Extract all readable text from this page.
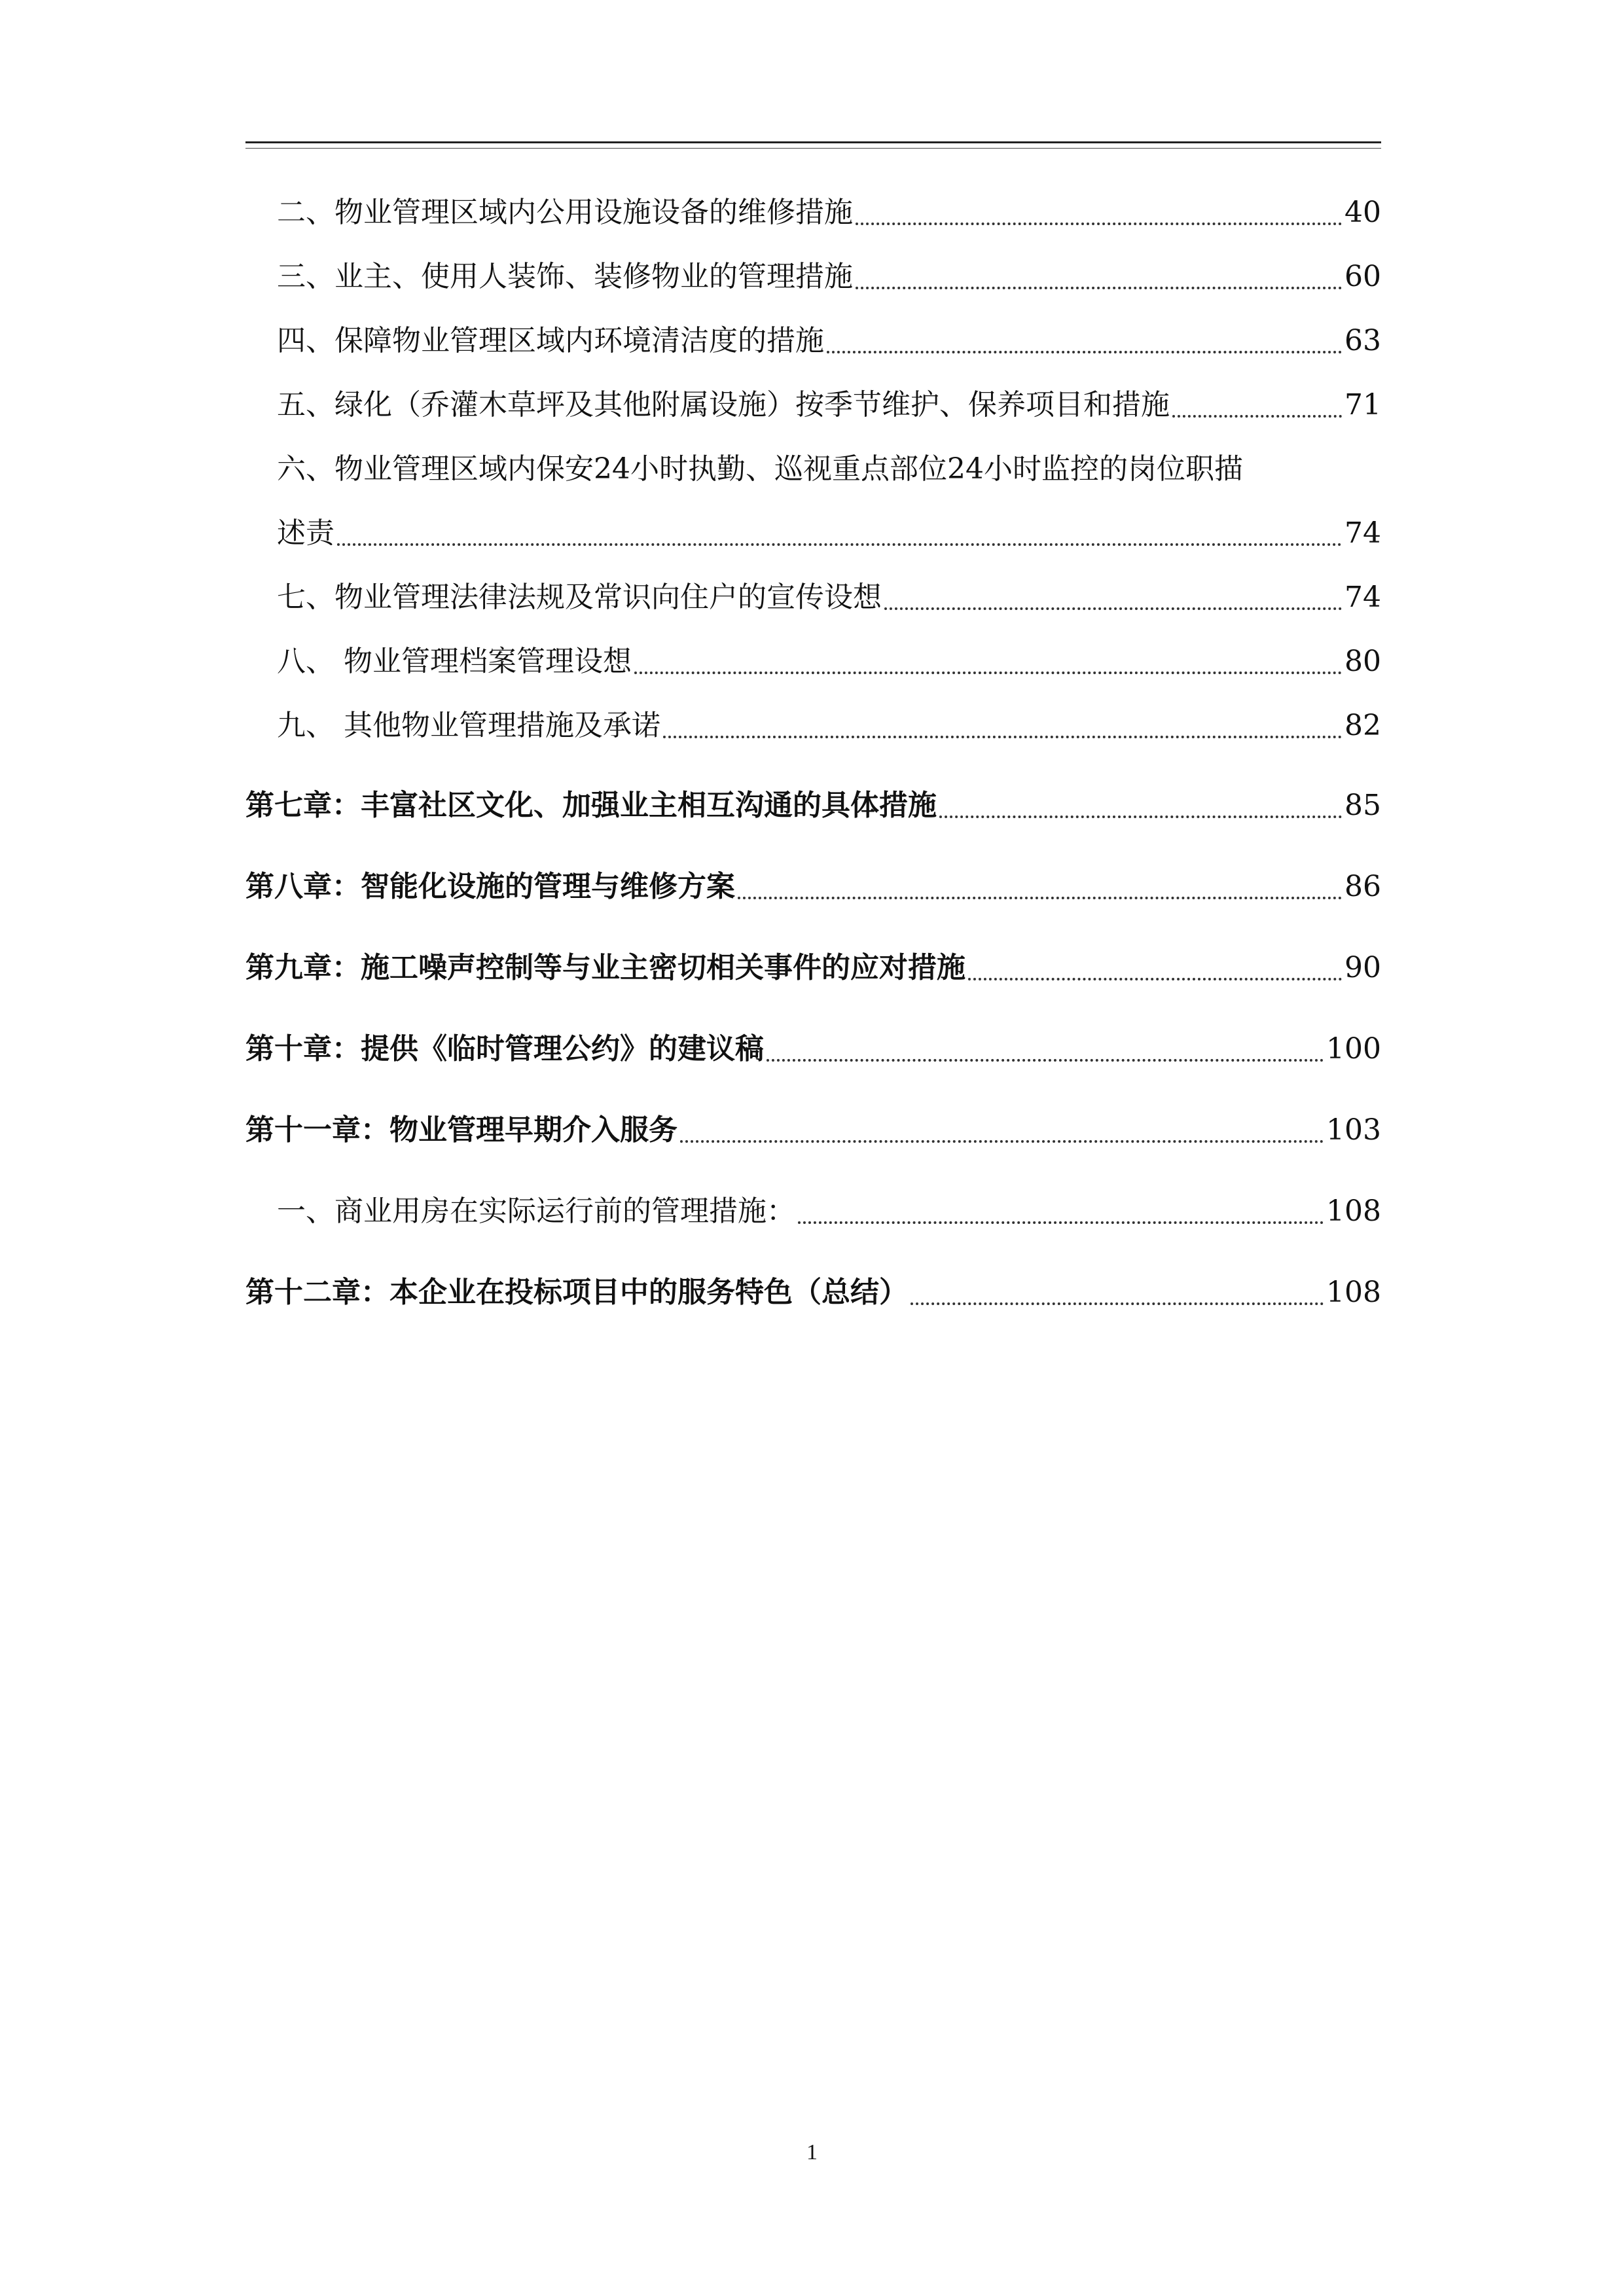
二、物业管理区域内公用设施设备的维修措施	40
三、业主、使用人装饰、装修物业的管理措施	60
四、保障物业管理区域内环境清洁度的措施	63
五、绿化（乔灌木草坪及其他附属设施）按季节维护、保养项目和措施	71
六、物业管理区域内保安24小时执勤、巡视重点部位24小时监控的岗位职描
述责	74
七、物业管理法律法规及常识向住户的宣传设想	74
八、 物业管理档案管理设想	80
九、 其他物业管理措施及承诺	82
第七章：丰富社区文化、加强业主相互沟通的具体措施	85
第八章：智能化设施的管理与维修方案	86
第九章：施工噪声控制等与业主密切相关事件的应对措施	90
第十章：提供《临时管理公约》的建议稿	100
第十一章：物业管理早期介入服务	103
一、商业用房在实际运行前的管理措施：	108
第十二章：本企业在投标项目中的服务特色（总结）	108
1
